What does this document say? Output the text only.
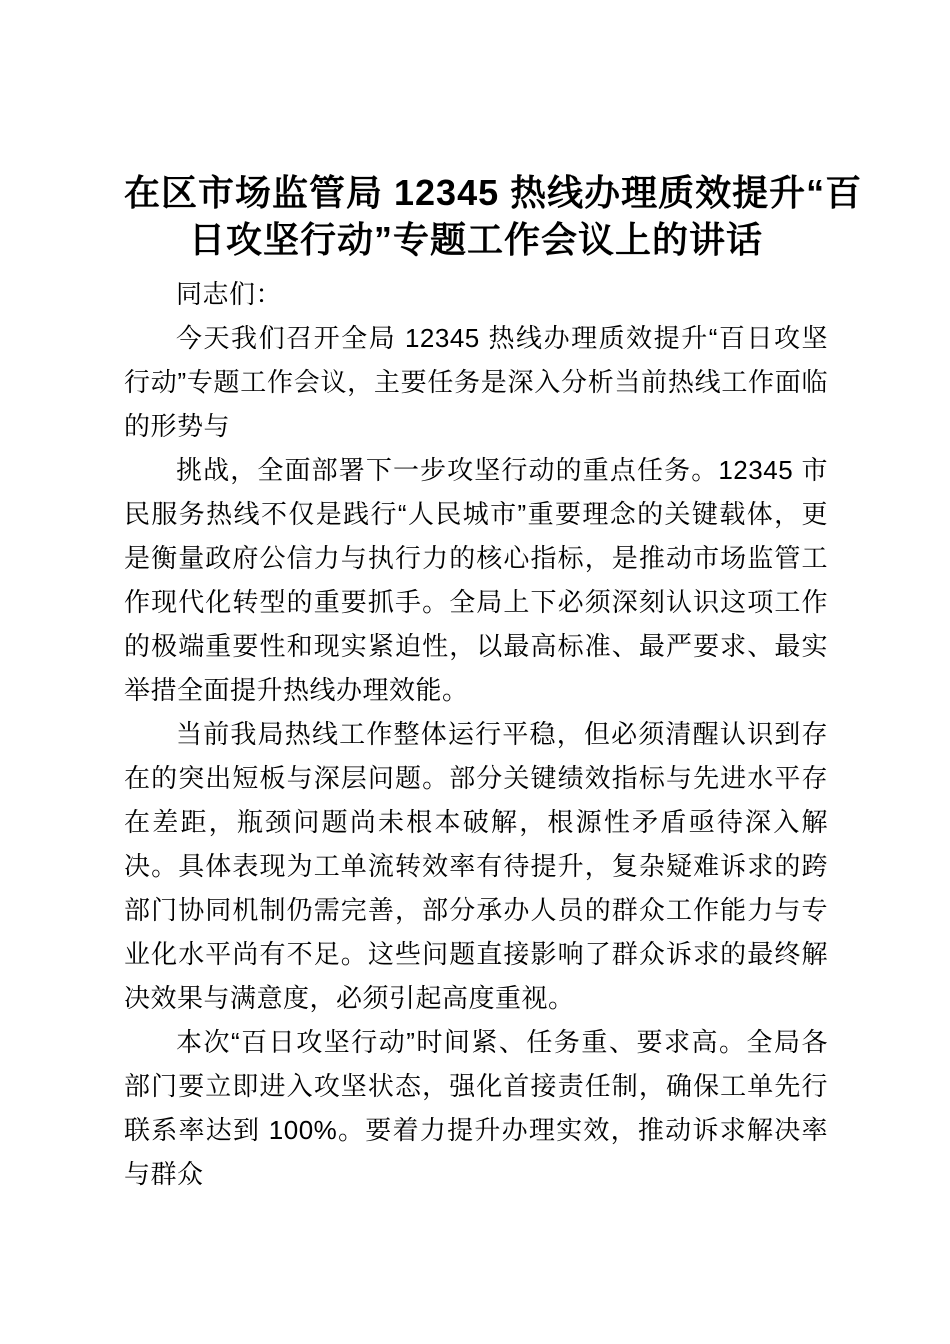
在区市场监管局 12345 热线办理质效提升“百
日攻坚行动”专题工作会议上的讲话

同志们：

今天我们召开全局 12345 热线办理质效提升“百日攻坚行动”专题工作会议，主要任务是深入分析当前热线工作面临的形势与

挑战，全面部署下一步攻坚行动的重点任务。12345 市民服务热线不仅是践行“人民城市”重要理念的关键载体，更是衡量政府公信力与执行力的核心指标，是推动市场监管工作现代化转型的重要抓手。全局上下必须深刻认识这项工作的极端重要性和现实紧迫性，以最高标准、最严要求、最实举措全面提升热线办理效能。

当前我局热线工作整体运行平稳，但必须清醒认识到存在的突出短板与深层问题。部分关键绩效指标与先进水平存在差距，瓶颈问题尚未根本破解，根源性矛盾亟待深入解决。具体表现为工单流转效率有待提升，复杂疑难诉求的跨部门协同机制仍需完善，部分承办人员的群众工作能力与专业化水平尚有不足。这些问题直接影响了群众诉求的最终解决效果与满意度，必须引起高度重视。

本次“百日攻坚行动”时间紧、任务重、要求高。全局各部门要立即进入攻坚状态，强化首接责任制，确保工单先行联系率达到 100%。要着力提升办理实效，推动诉求解决率与群众
